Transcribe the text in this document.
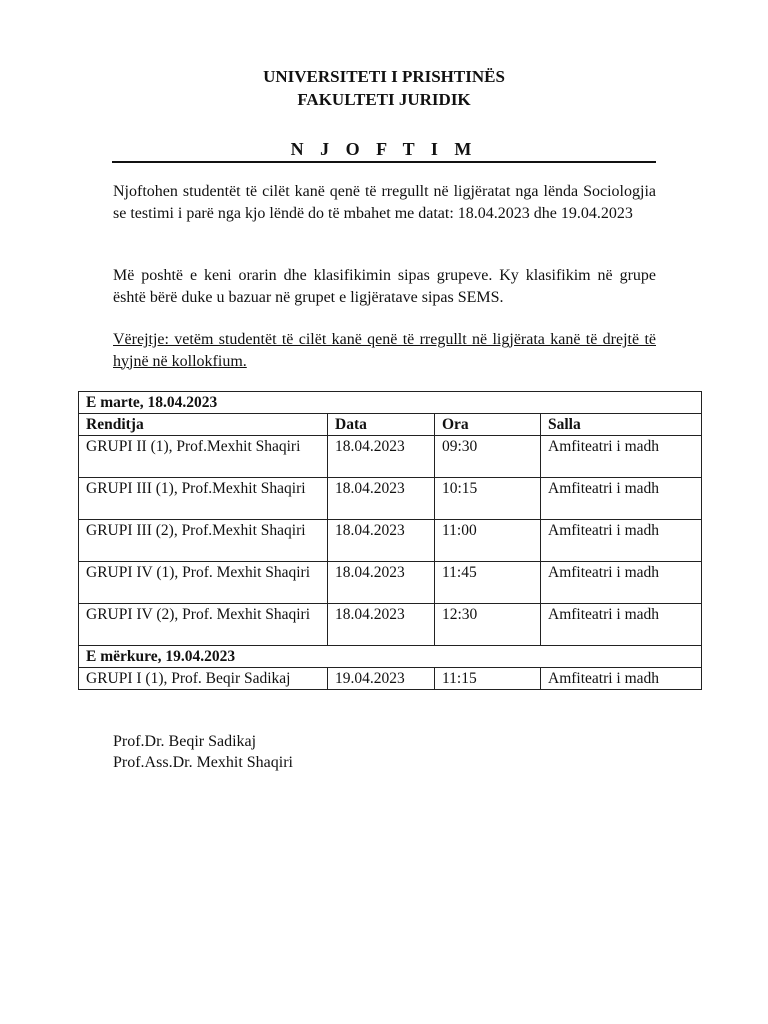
UNIVERSITETI I PRISHTINËS
FAKULTETI JURIDIK
N J O F T I M

Njoftohen studentët të cilët kanë qenë të rregullt në ligjëratat nga lënda Sociologjia se testimi i parë nga kjo lëndë do të mbahet me datat: 18.04.2023 dhe 19.04.2023

Më poshtë e keni orarin dhe klasifikimin sipas grupeve. Ky klasifikim në grupe është bërë duke u bazuar në grupet e ligjëratave sipas SEMS.

Vërejtje: vetëm studentët të cilët kanë qenë të rregullt në ligjërata kanë të drejtë të hyjnë në kollokfium.

E marte, 18.04.2023			
Renditja	Data	Ora	Salla
GRUPI II (1), Prof.Mexhit Shaqiri	18.04.2023	09:30	Amfiteatri i madh
GRUPI III (1), Prof.Mexhit Shaqiri	18.04.2023	10:15	Amfiteatri i madh
GRUPI III (2), Prof.Mexhit Shaqiri	18.04.2023	11:00	Amfiteatri i madh
GRUPI IV (1), Prof. Mexhit Shaqiri	18.04.2023	11:45	Amfiteatri i madh
GRUPI IV (2), Prof. Mexhit Shaqiri	18.04.2023	12:30	Amfiteatri i madh
E mërkure, 19.04.2023			
GRUPI I (1), Prof. Beqir Sadikaj	19.04.2023	11:15	Amfiteatri i madh
Prof.Dr. Beqir Sadikaj
Prof.Ass.Dr. Mexhit Shaqiri
